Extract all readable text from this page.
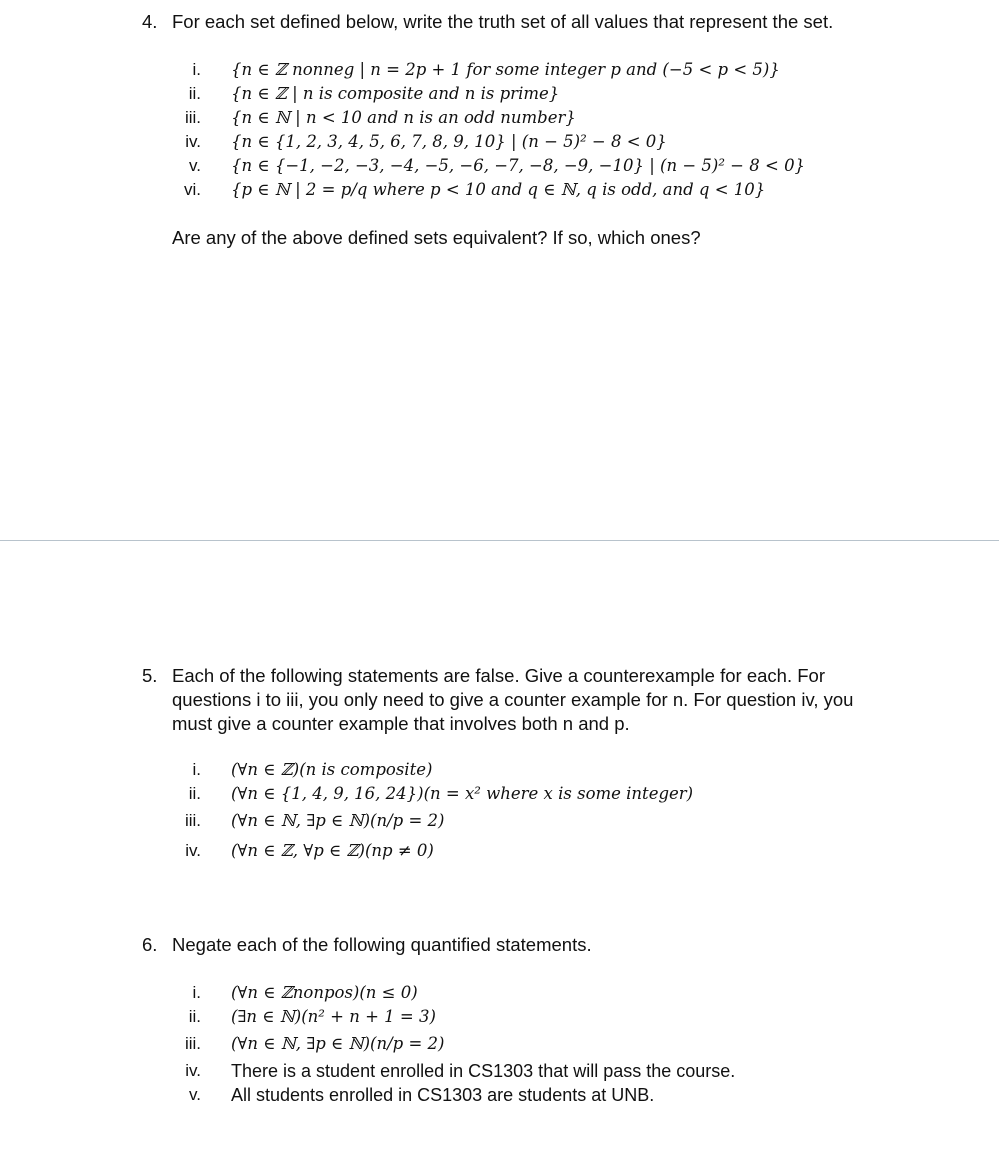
4. For each set defined below, write the truth set of all values that represent the set.
i.	{n ∈ ℤ nonneg | n = 2p + 1 for some integer p and (−5 < p < 5)}
ii.	{n ∈ ℤ | n is composite and n is prime}
iii.	{n ∈ ℕ | n < 10 and n is an odd number}
iv.	{n ∈ {1, 2, 3, 4, 5, 6, 7, 8, 9, 10} | (n − 5)² − 8 < 0}
v.	{n ∈ {−1, −2, −3, −4, −5, −6, −7, −8, −9, −10} | (n − 5)² − 8 < 0}
vi.	{p ∈ ℕ | 2 = p/q where p < 10 and q ∈ ℕ, q is odd, and q < 10}
Are any of the above defined sets equivalent? If so, which ones?
5. Each of the following statements are false. Give a counterexample for each. For questions i to iii, you only need to give a counter example for n. For question iv, you must give a counter example that involves both n and p.
i.	(∀n ∈ ℤ)(n is composite)
ii.	(∀n ∈ {1, 4, 9, 16, 24})(n = x² where x is some integer)
iii.	(∀n ∈ ℕ, ∃p ∈ ℕ)(n/p = 2)
iv.	(∀n ∈ ℤ, ∀p ∈ ℤ)(np ≠ 0)
6. Negate each of the following quantified statements.
i.	(∀n ∈ ℤnonpos)(n ≤ 0)
ii.	(∃n ∈ ℕ)(n² + n + 1 = 3)
iii.	(∀n ∈ ℕ, ∃p ∈ ℕ)(n/p = 2)
iv.	There is a student enrolled in CS1303 that will pass the course.
v.	All students enrolled in CS1303 are students at UNB.
